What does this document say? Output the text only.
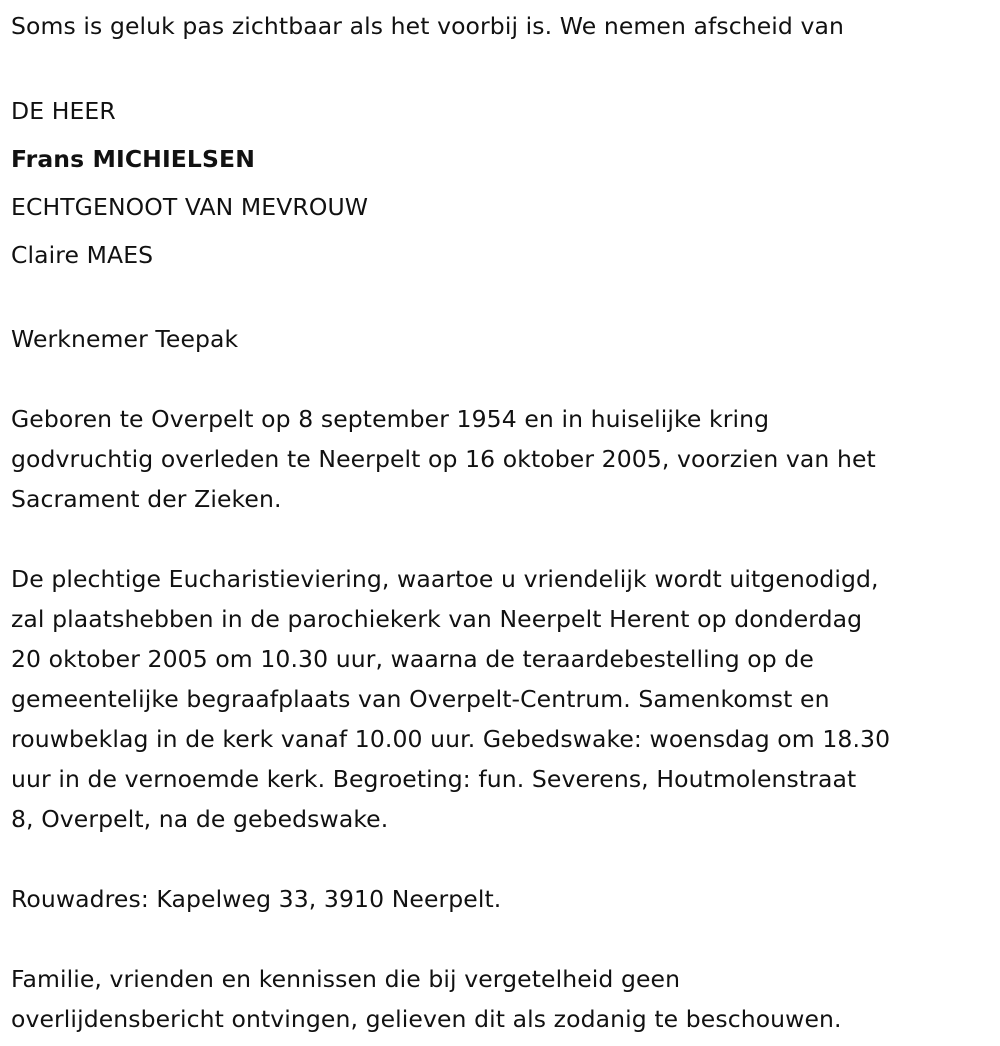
Soms is geluk pas zichtbaar als het voorbij is. We nemen afscheid van

DE HEER

Frans MICHIELSEN

ECHTGENOOT VAN MEVROUW

Claire MAES

Werknemer Teepak

Geboren te Overpelt op 8 september 1954 en in huiselijke kring
godvruchtig overleden te Neerpelt op 16 oktober 2005, voorzien van het
Sacrament der Zieken.
De plechtige Eucharistieviering, waartoe u vriendelijk wordt uitgenodigd,
zal plaatshebben in de parochiekerk van Neerpelt Herent op donderdag
20 oktober 2005 om 10.30 uur, waarna de teraardebestelling op de
gemeentelijke begraafplaats van Overpelt-Centrum. Samenkomst en
rouwbeklag in de kerk vanaf 10.00 uur. Gebedswake: woensdag om 18.30
uur in de vernoemde kerk. Begroeting: fun. Severens, Houtmolenstraat
8, Overpelt, na de gebedswake.

Rouwadres: Kapelweg 33, 3910 Neerpelt.

Familie, vrienden en kennissen die bij vergetelheid geen
overlijdensbericht ontvingen, gelieven dit als zodanig te beschouwen.
